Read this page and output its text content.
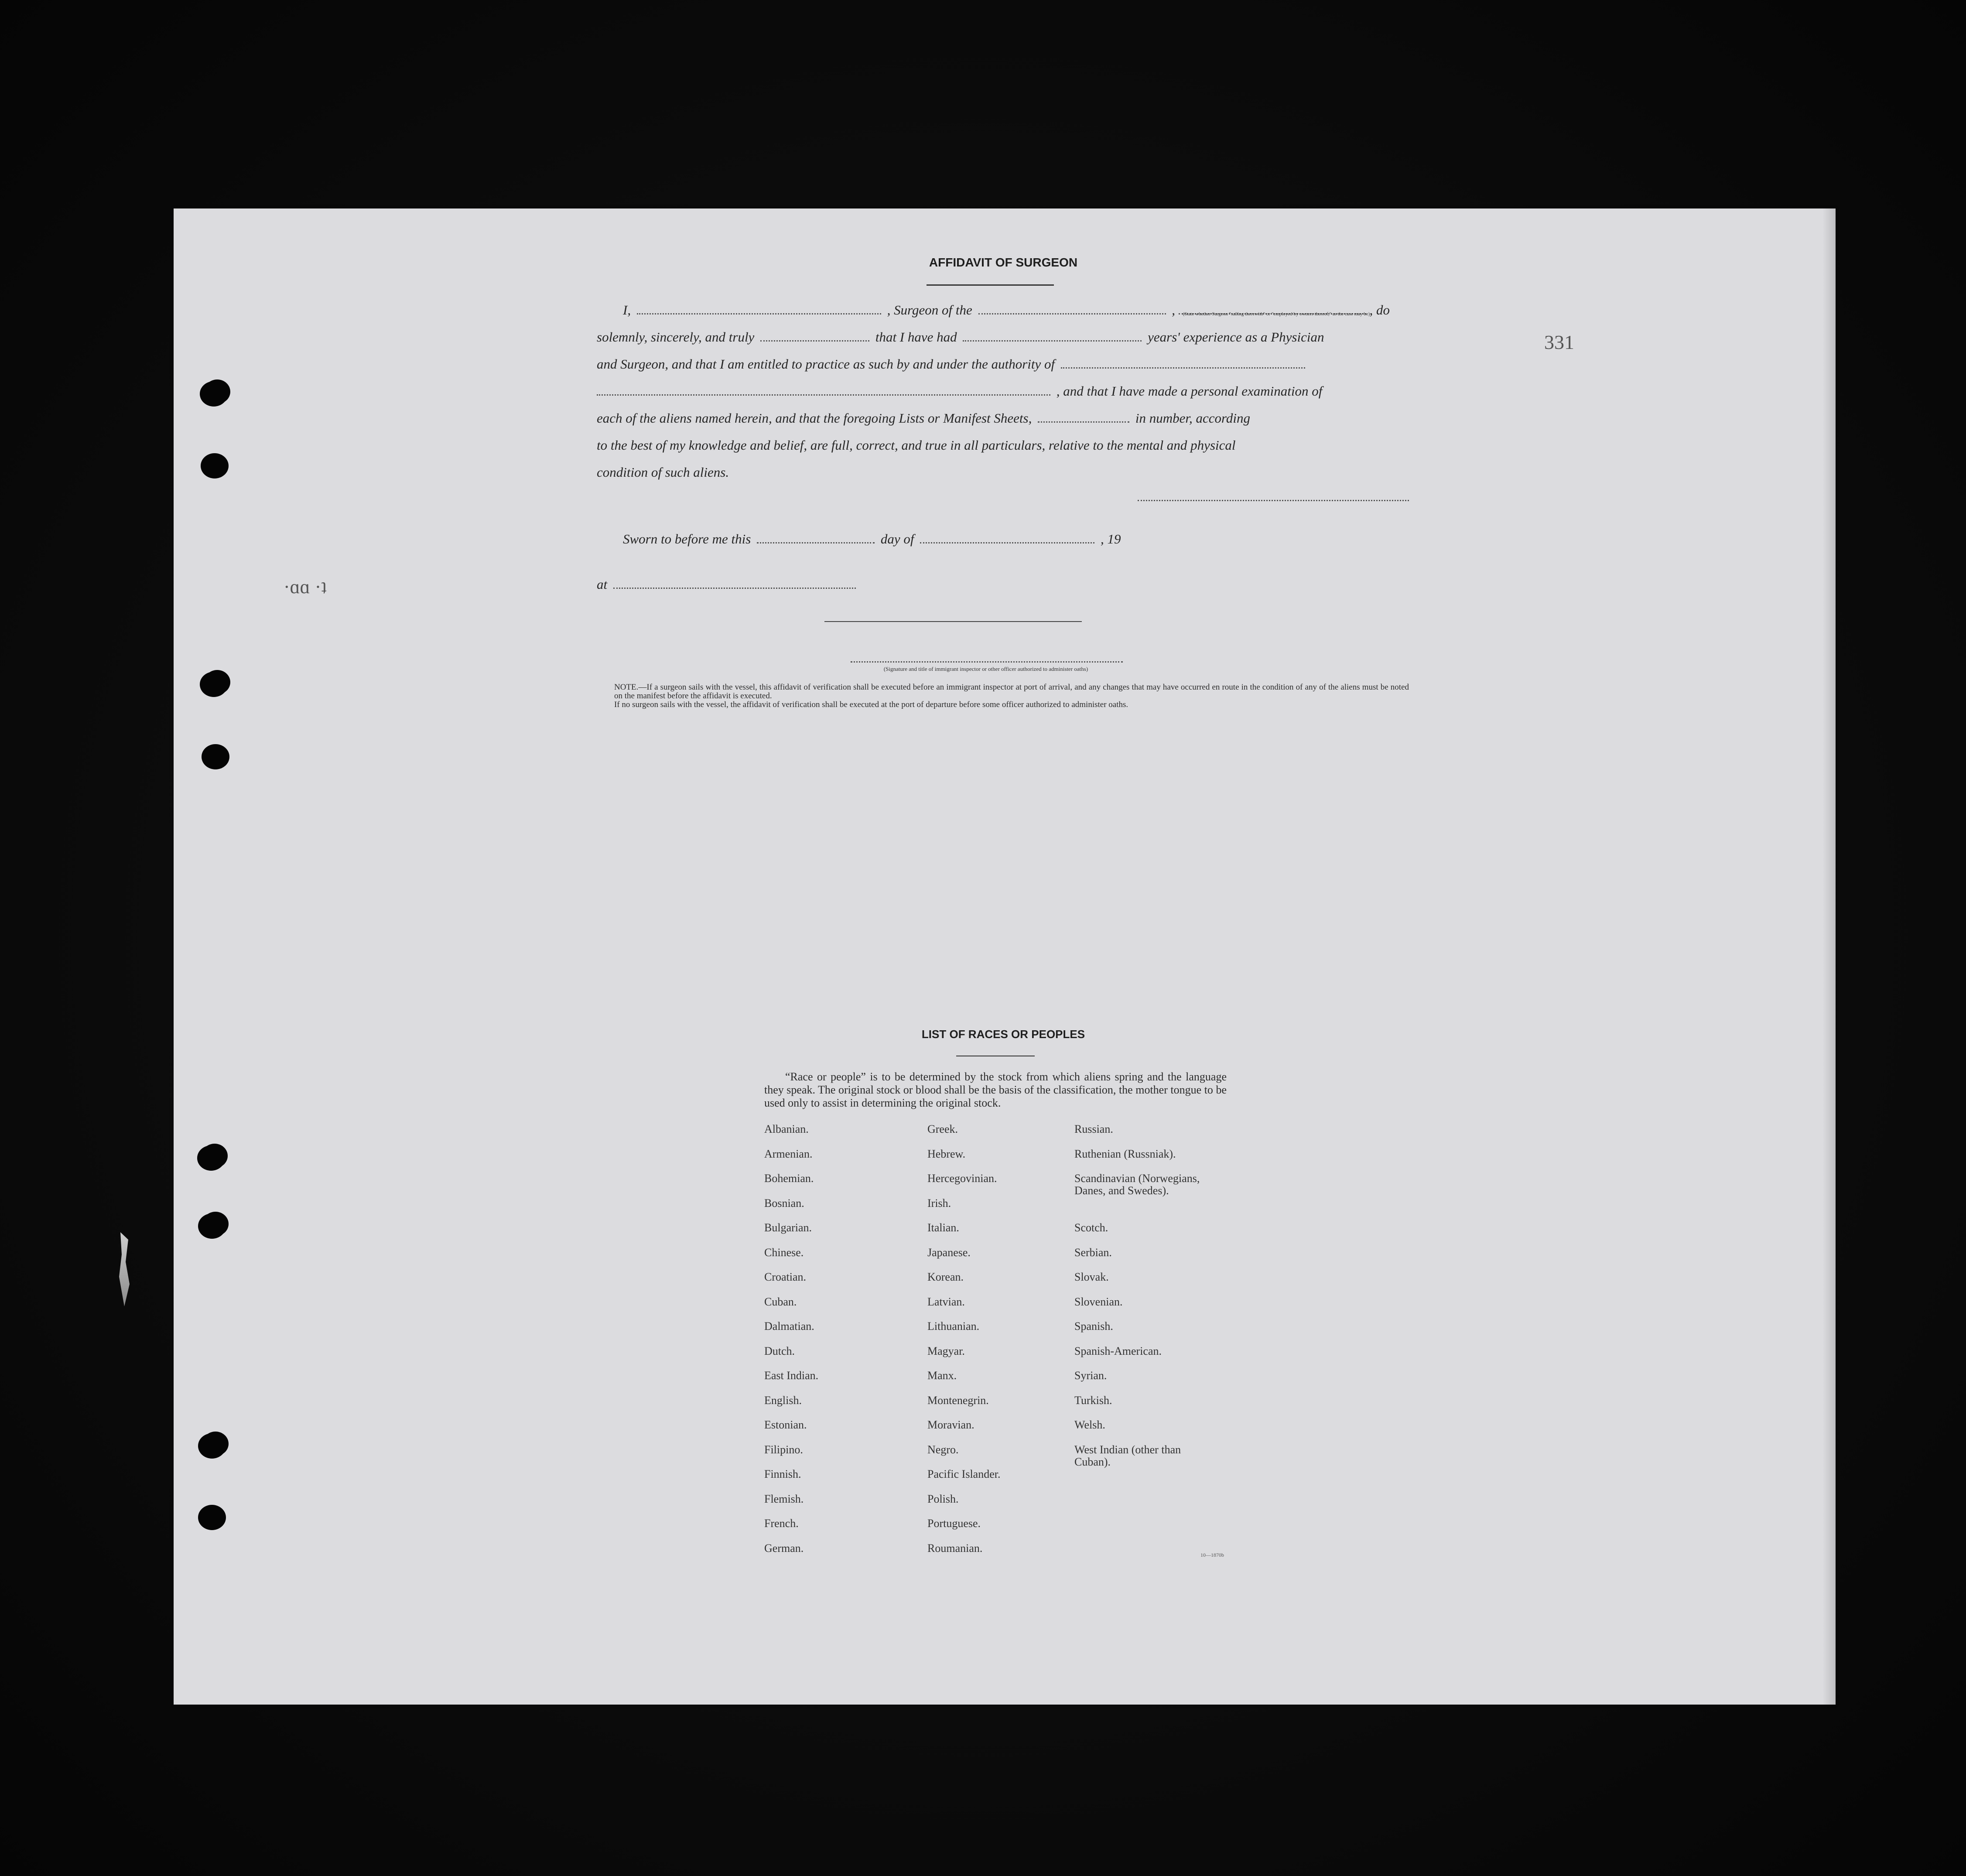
AFFIDAVIT OF SURGEON
331
I,	, Surgeon of the	, (State whether Surgeon "sailing therewith" or "employed by owners thereof," as the case may be) , do
solemnly, sincerely, and truly	that I have had	years' experience as a Physician
and Surgeon, and that I am entitled to practice as such by and under the authority of
, and that I have made a personal examination of
each of the aliens named herein, and that the foregoing Lists or Manifest Sheets,	in number, according
to the best of my knowledge and belief, are full, correct, and true in all particulars, relative to the mental and physical
condition of such aliens.
Sworn to before me this	day of	, 19
at
(Signature and title of immigrant inspector or other officer authorized to administer oaths)
NOTE.—If a surgeon sails with the vessel, this affidavit of verification shall be executed before an immigrant inspector at port of arrival, and any changes that may have occurred en route in the condition of any of the aliens must be noted on the manifest before the affidavit is executed.
If no surgeon sails with the vessel, the affidavit of verification shall be executed at the port of departure before some officer authorized to administer oaths.
·ɑɑ ·ʇ
LIST OF RACES OR PEOPLES
“Race or people” is to be determined by the stock from which aliens spring and the language they speak. The original stock or blood shall be the basis of the classification, the mother tongue to be used only to assist in determining the original stock.
Albanian.
Armenian.
Bohemian.
Bosnian.
Bulgarian.
Chinese.
Croatian.
Cuban.
Dalmatian.
Dutch.
East Indian.
English.
Estonian.
Filipino.
Finnish.
Flemish.
French.
German.
Greek.
Hebrew.
Hercegovinian.
Irish.
Italian.
Japanese.
Korean.
Latvian.
Lithuanian.
Magyar.
Manx.
Montenegrin.
Moravian.
Negro.
Pacific Islander.
Polish.
Portuguese.
Roumanian.
Russian.
Ruthenian (Russniak).
Scandinavian (Norwegians, Danes, and Swedes).
Scotch.
Serbian.
Slovak.
Slovenian.
Spanish.
Spanish-American.
Syrian.
Turkish.
Welsh.
West Indian (other than Cuban).
10—1870b
